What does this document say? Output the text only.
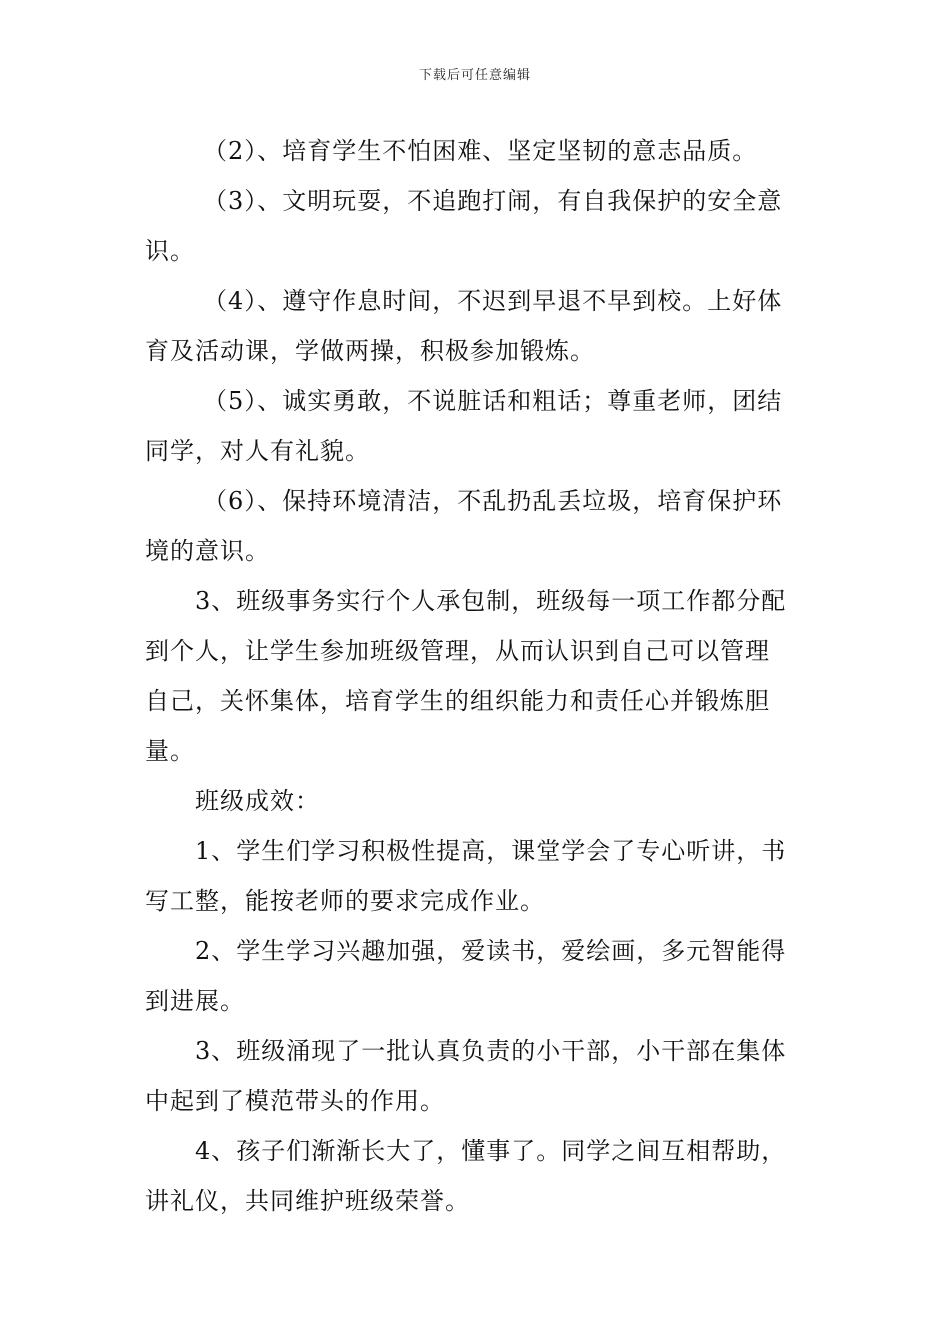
下载后可任意编辑
（2）、培育学生不怕困难、坚定坚韧的意志品质。
（3）、文明玩耍，不追跑打闹，有自我保护的安全意
识。
（4）、遵守作息时间，不迟到早退不早到校。上好体
育及活动课，学做两操，积极参加锻炼。
（5）、诚实勇敢，不说脏话和粗话；尊重老师，团结
同学，对人有礼貌。
（6）、保持环境清洁，不乱扔乱丢垃圾，培育保护环
境的意识。
3、班级事务实行个人承包制，班级每一项工作都分配
到个人，让学生参加班级管理，从而认识到自己可以管理
自己，关怀集体，培育学生的组织能力和责任心并锻炼胆
量。
班级成效：
1、学生们学习积极性提高，课堂学会了专心听讲，书
写工整，能按老师的要求完成作业。
2、学生学习兴趣加强，爱读书，爱绘画，多元智能得
到进展。
3、班级涌现了一批认真负责的小干部，小干部在集体
中起到了模范带头的作用。
4、孩子们渐渐长大了，懂事了。同学之间互相帮助，
讲礼仪，共同维护班级荣誉。
